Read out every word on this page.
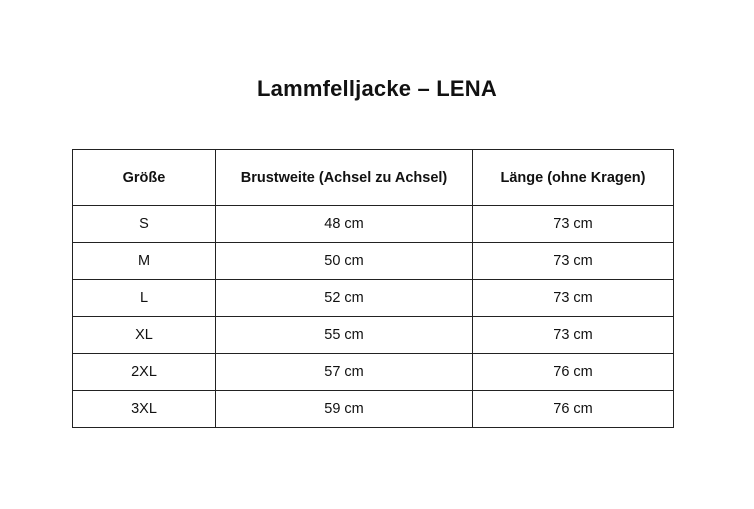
Lammfelljacke – LENA
Größe	Brustweite (Achsel zu Achsel)	Länge (ohne Kragen)
S	48 cm	73 cm
M	50 cm	73 cm
L	52 cm	73 cm
XL	55 cm	73 cm
2XL	57 cm	76 cm
3XL	59 cm	76 cm
